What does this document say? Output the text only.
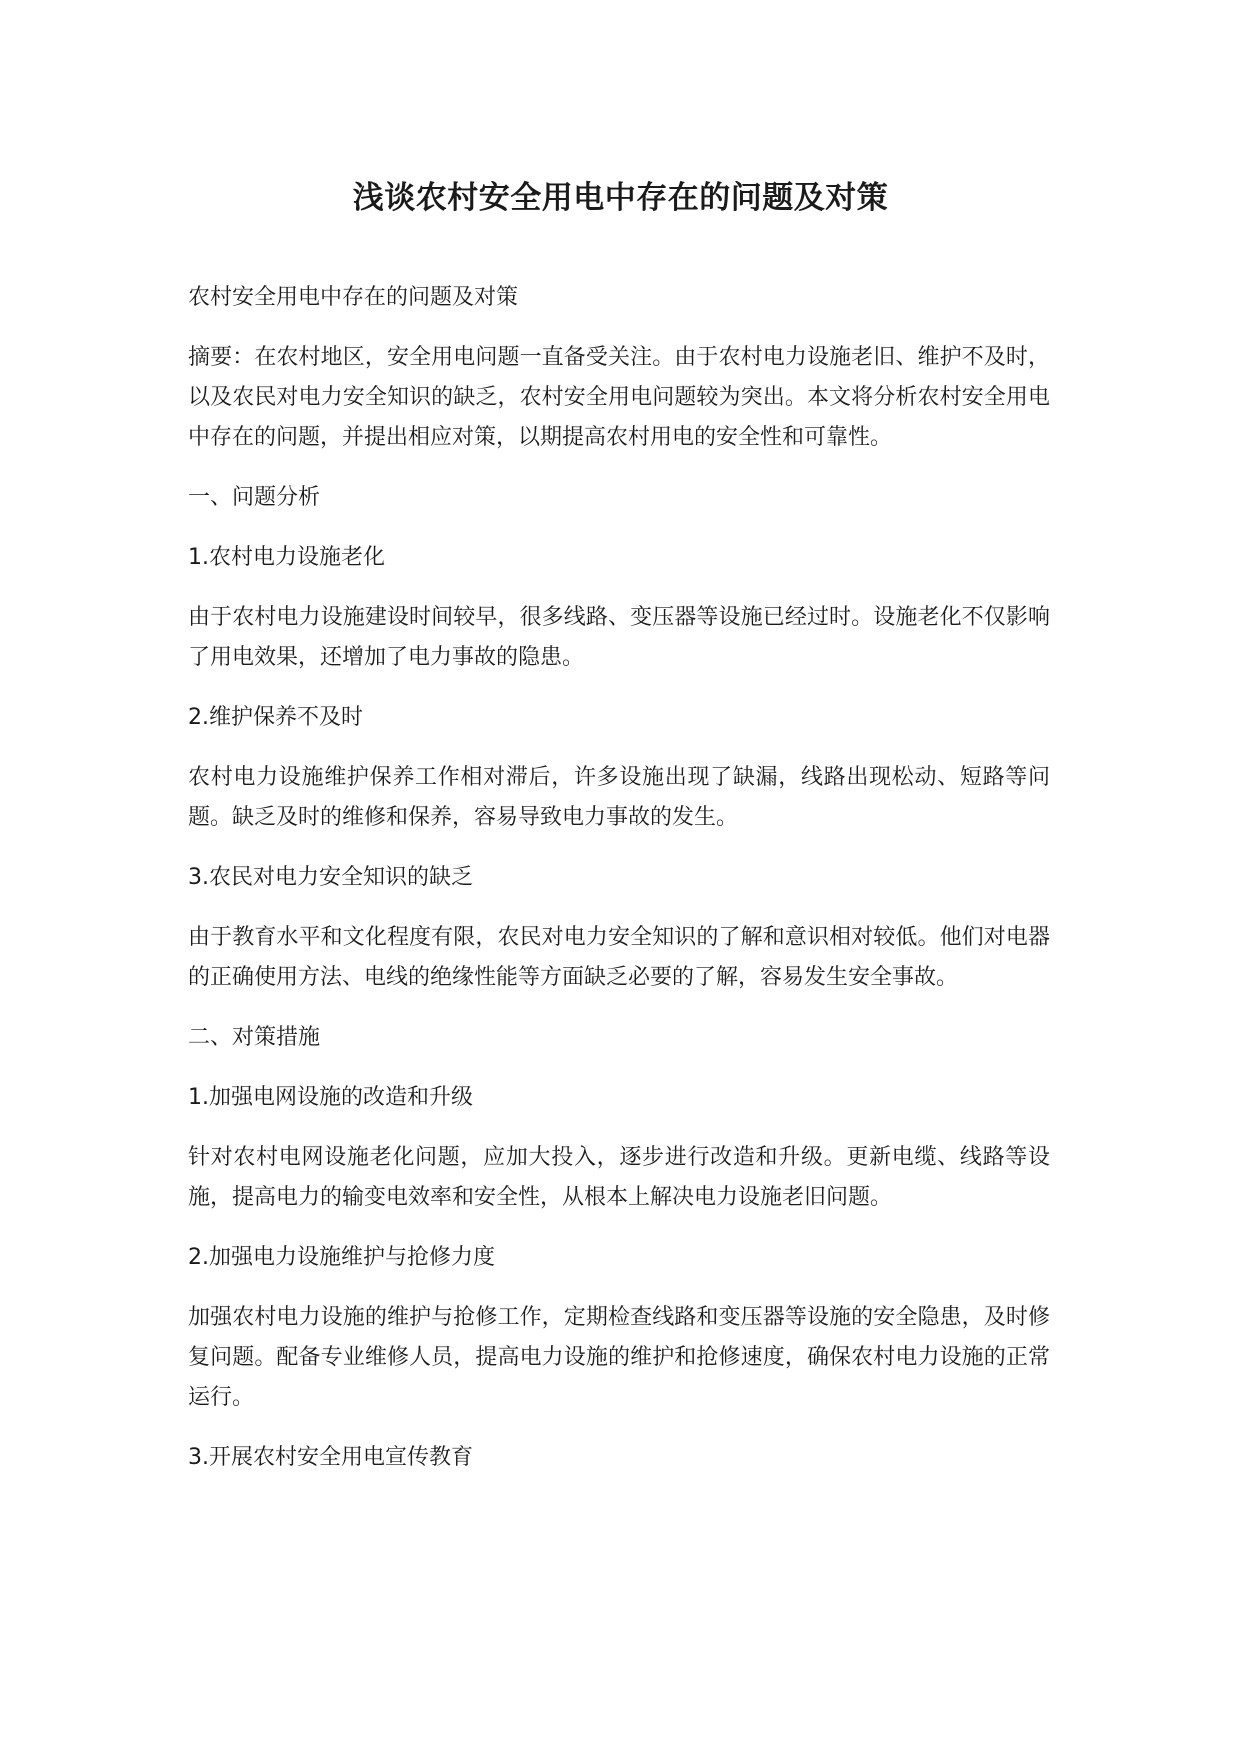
浅谈农村安全用电中存在的问题及对策

农村安全用电中存在的问题及对策

摘要：在农村地区，安全用电问题一直备受关注。由于农村电力设施老旧、维护不及时，以及农民对电力安全知识的缺乏，农村安全用电问题较为突出。本文将分析农村安全用电中存在的问题，并提出相应对策，以期提高农村用电的安全性和可靠性。

一、问题分析

1.农村电力设施老化

由于农村电力设施建设时间较早，很多线路、变压器等设施已经过时。设施老化不仅影响了用电效果，还增加了电力事故的隐患。

2.维护保养不及时

农村电力设施维护保养工作相对滞后，许多设施出现了缺漏，线路出现松动、短路等问题。缺乏及时的维修和保养，容易导致电力事故的发生。

3.农民对电力安全知识的缺乏

由于教育水平和文化程度有限，农民对电力安全知识的了解和意识相对较低。他们对电器的正确使用方法、电线的绝缘性能等方面缺乏必要的了解，容易发生安全事故。

二、对策措施

1.加强电网设施的改造和升级

针对农村电网设施老化问题，应加大投入，逐步进行改造和升级。更新电缆、线路等设施，提高电力的输变电效率和安全性，从根本上解决电力设施老旧问题。

2.加强电力设施维护与抢修力度

加强农村电力设施的维护与抢修工作，定期检查线路和变压器等设施的安全隐患，及时修复问题。配备专业维修人员，提高电力设施的维护和抢修速度，确保农村电力设施的正常运行。

3.开展农村安全用电宣传教育
